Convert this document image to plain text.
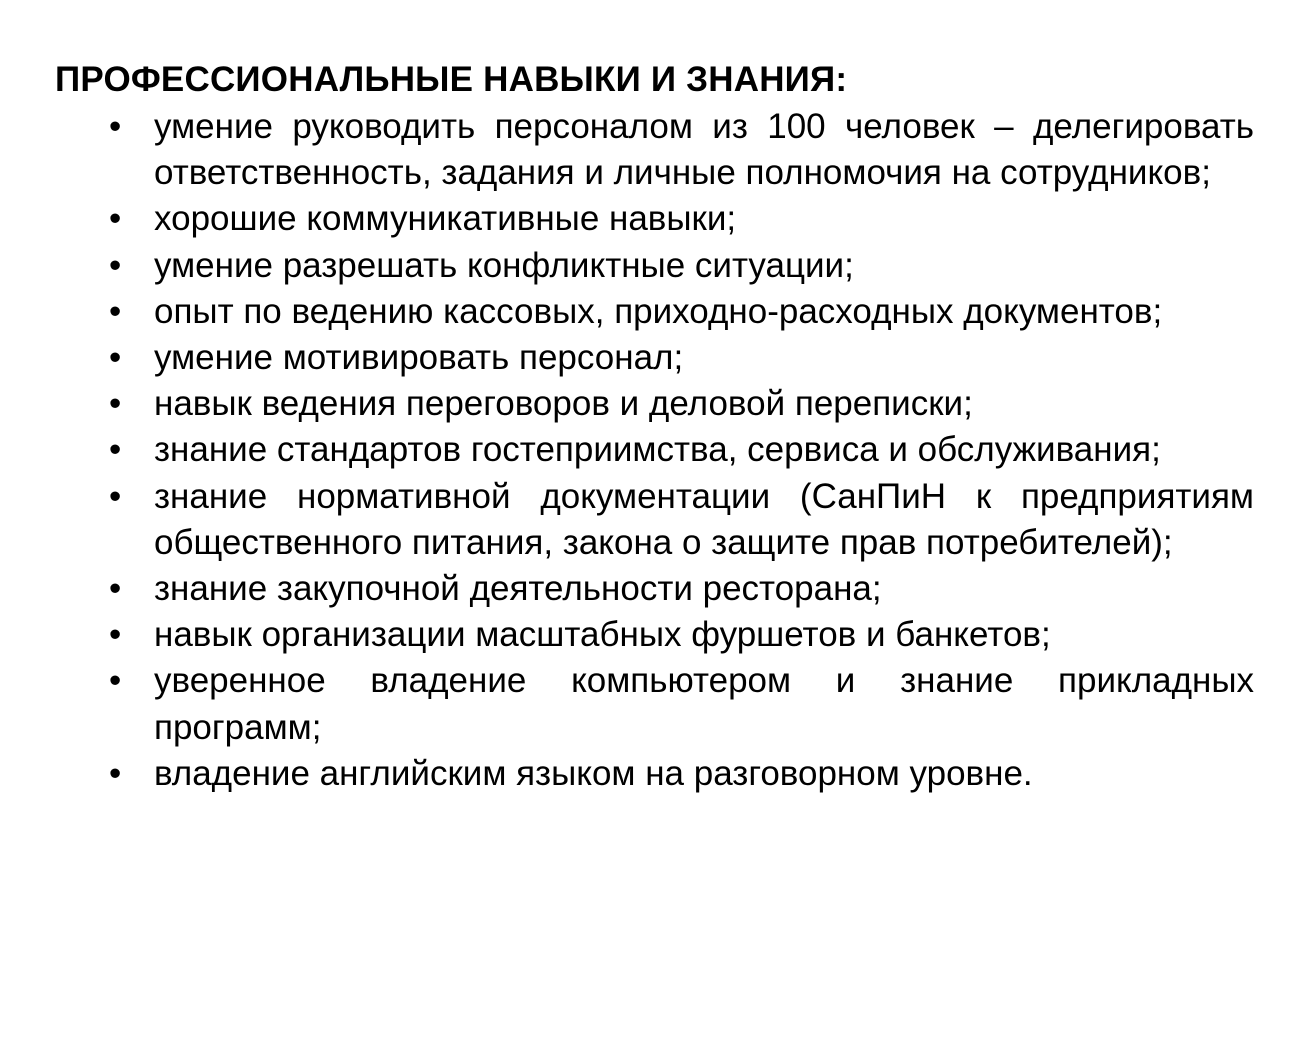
ПРОФЕССИОНАЛЬНЫЕ НАВЫКИ И ЗНАНИЯ:
• умение руководить персоналом из 100 человек – делегировать ответственность, задания и личные полномочия на сотрудников;
• хорошие коммуникативные навыки;
• умение разрешать конфликтные ситуации;
• опыт по ведению кассовых, приходно-расходных документов;
• умение мотивировать персонал;
• навык ведения переговоров и деловой переписки;
• знание стандартов гостеприимства, сервиса и обслуживания;
• знание нормативной документации (СанПиН к предприятиям общественного питания, закона о защите прав потребителей);
• знание закупочной деятельности ресторана;
• навык организации масштабных фуршетов и банкетов;
• уверенное владение компьютером и знание прикладных программ;
• владение английским языком на разговорном уровне.
